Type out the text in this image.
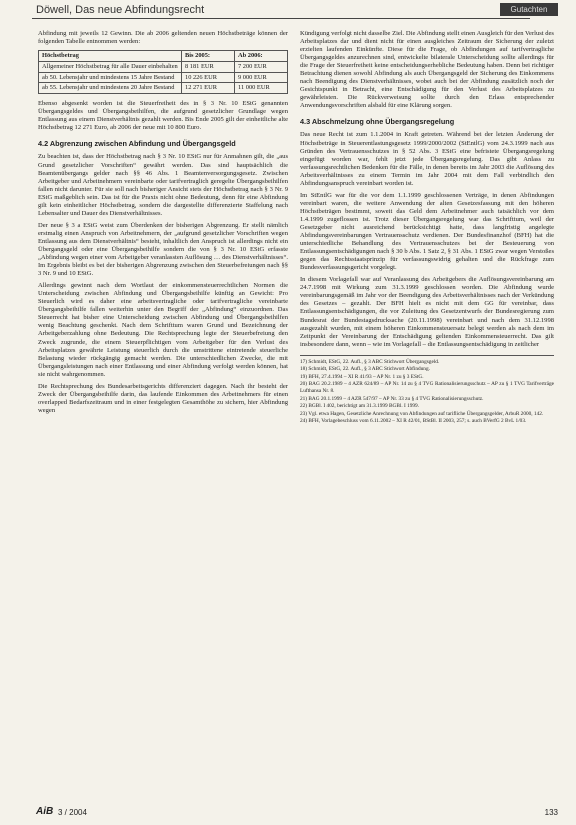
Döwell, Das neue Abfindungsrecht	Gutachten

Abfindung mit jeweils 12 Gewinn. Die ab 2006 geltenden neuen Höchstbeträge können der folgenden Tabelle entnommen werden:

Höchstbetrag	Bis 2005:	Ab 2006:
Allgemeiner Höchstbetrag für alle Dauer einbehalten	8 181 EUR	7 200 EUR
ab 50. Lebensjahr und mindestens 15 Jahre Bestand	10 226 EUR	9 000 EUR
ab 55. Lebensjahr und mindestens 20 Jahre Bestand	12 271 EUR	11 000 EUR

Ebenso abgesenkt worden ist die Steuerfreiheit des in § 3 Nr. 10 EStG genannten Übergangsgeldes und Übergangsbeihilfen, die aufgrund gesetzlicher Grundlage wegen Entlassung aus einem Dienstverhältnis gezahlt werden. Bis Ende 2005 gilt der einheitliche alte Höchstbetrag 12 271 Euro, ab 2006 der neue mit 10 800 Euro.

4.2 Abgrenzung zwischen Abfindung und Übergangsgeld

Zu beachten ist, dass der Höchstbetrag nach § 3 Nr. 10 EStG nur für Anmahnen gilt, die „aus Grund gesetzlicher Vorschriften“ gewährt werden. Das sind hauptsächlich die Beamtenübergangs gelder nach §§ 46 Abs. 1 Beamtenversorgungsgesetz. Zwischen Arbeitgeber und Arbeitnehmern vereinbarte oder tarifvertraglich geregelte Übergangsbeihilfen fallen nicht darunter. Für sie soll nach bisheriger Ansicht stets der Höchstbetrag nach § 3 Nr. 9 EStG maßgeblich sein. Das ist für die Praxis nicht ohne Bedeutung, denn für eine Abfindung gilt kein einheitlicher Höchstbetrag, sondern die dargestellte differenzierte Staffelung nach Lebensalter und Dauer des Dienstverhältnisses.

Der neue § 3 a EStG weist zum Überdenken der bisherigen Abgrenzung. Er stellt nämlich erstmalig einen Anspruch von Arbeitnehmern, der „aufgrund gesetzlicher Vorschriften wegen Entlassung aus dem Dienstverhältnis“ besteht, inhaltlich den Anspruch ist allerdings nicht ein Übergangsgeld oder eine Übergangsbeihilfe sondern die von § 3 Nr. 10 EStG erfasste „Abfindung wegen einer vom Arbeitgeber veranlassten Auflösung … des Dienstverhältnisses“. Im Ergebnis bleibt es bei der bisherigen Abgrenzung zwischen den Steuerbefreiungen nach §§ 3 Nr. 9 und 10 EStG.

Allerdings gewinnt nach dem Wortlaut der einkommensteuerrechtlichen Normen die Unterscheidung zwischen Abfindung und Übergangsbeihilfe künftig an Gewicht: Pro Steuerlich wird es daher eine arbeitsvertragliche oder tarifvertragliche vereinbarte Übergangsbeihilfe fallen weiterhin unter den Begriff der „Abfindung“ einzuordnen. Das Steuerrecht hat bisher eine Unterscheidung zwischen Abfindung und Übergangsbeihilfen wenig Beachtung geschenkt. Nach dem Schrifttum waren Grund und Bezeichnung der Arbeitgeberzahlung ohne Bedeutung. Die Rechtsprechung legte der Steuerbefreiung den Zweck zugrunde, die einem Steuerpflichtigen vom Arbeitgeber für den Verlust des Arbeitsplatzes gewährte Leistung steuerlich durch die umstrittene eintretende steuerliche Belastung wieder rückgängig gemacht werden. Die unterschiedlichen Zwecke, die mit Übergangsleistungen nach einer Entlassung und einer Abfindung verfolgt werden können, hat sie nicht wahrgenommen.

Die Rechtsprechung des Bundesarbeitsgerichts differenziert dagegen. Nach ihr besteht der Zweck der Übergangsbeihilfe darin, das laufende Einkommen des Arbeitnehmers für einen overlapped Bedarfszeitraum und in einer festgelegten Gesamthöhe zu sichern, hier Abfindung wegen

Kündigung verfolgt nicht dasselbe Ziel. Die Abfindung stellt einen Ausgleich für den Verlust des Arbeitsplatzes dar und dient nicht für einen ausgleiches Zeitraum der Sicherung der zuletzt erzielten laufenden Einkünfte. Diese für die Frage, ob Abfindungen auf tarifvertragliche Übergangsgeldes anzurechnen sind, entwickelte bilaterale Unterscheidung sollte allerdings für die Frage der Steuerfreiheit keine entscheidungserhebliche Bedeutung haben. Denn bei richtiger Betrachtung dienen sowohl Abfindung als auch Übergangsgeld der Sicherung des Einkommens nach Beendigung des Dienstverhältnisses, wobei auch bei der Abfindung zusätzlich noch der Gesichtspunkt in Betracht, eine Entschädigung für den Verlust des Arbeitsplatzes zu gewährleisten. Die Rückverweisung sollte durch den Erlass entsprechender Anwendungsvorschriften alsbald für eine Klärung sorgen.

4.3 Abschmelzung ohne Übergangsregelung

Das neue Recht ist zum 1.1.2004 in Kraft getreten. Während bei der letzten Änderung der Höchstbeträge in Steuerentlastungsgesetz 1999/2000/2002 (StEntlG) vom 24.3.1999 nach aus Gründen des Vertrauensschutzes in § 52 Abs. 3 EStG eine befristete Übergangsregelung eingefügt worden war, fehlt jetzt jede Übergangsregelung. Das gibt Anlass zu verfassungsrechtlichen Bedenken für die Fälle, in denen bereits im Jahr 2003 die Auflösung des Arbeitsverhältnisses zu einem Termin im Jahr 2004 mit dem Fall verbindlich den Abfindungsanspruch vereinbart worden ist.

Im StEntlG war für die vor dem 1.1.1999 geschlossenen Verträge, in denen Abfindungen vereinbart waren, die weitere Anwendung der alten Gesetzesfassung mit den höheren Höchstbeträgen bestimmt, soweit das Geld dem Arbeitnehmer auch tatsächlich vor dem 1.4.1999 zugeflossen ist. Trotz dieser Übergangsregelung war das Schrifttum, weil der Gesetzgeber nicht ausreichend berücksichtigt hatte, dass langfristig angelegte Abfindungsvereinbarungen Vertrauensschutz verdienen. Der Bundesfinanzhof (BFH) hat die unterschiedliche Behandlung des Vertrauensschutzes bei der Besteuerung von Entlassungsentschädigungen nach § 30 b Abs. 1 Satz 2, § 31 Abs. 1 EStG zwar wegen Verstoßes gegen das Rechtsstaatsprinzip für verfassungswidrig gehalten und die Rückfrage zum Bundesverfassungsgericht vorgelegt.

In diesem Vorlagefall war auf Veranlassung des Arbeitgebers die Auflösungsvereinbarung am 24.7.1998 mit Wirkung zum 31.3.1999 geschlossen worden. Die Abfindung wurde vereinbarungsgemäß im Jahr vor der Beendigung des Arbeitsverhältnisses nach der Verkündung des Gesetzes – gezahlt. Der BFH hielt es nicht mit dem GG für vereinbar, dass Entlassungsentschädigungen, die vor Zuleitung des Gesetzentwurfs der Bundesregierung zum Bundesrat der Bundestagsdrucksache (20.11.1998) vereinbart und nach dem 31.12.1998 ausgezahlt wurden, mit einem höheren Einkommensteuersatz belegt werden als nach dem im Zeitpunkt der Vereinbarung der Entschädigung geltenden Einkommensteuerrecht. Das gilt insbesondere dann, wenn – wie im Vorlagefall – die Entlassungsentschädigung in zeitlicher

17) Schmidt, EStG, 22. Aufl., § 3 ABC Stichwort Übergangsgeld.
18) Schmidt, EStG, 22. Aufl., § 3 ABC Stichwort Abfindung.
19) BFH, 27.4.1994 – XI R 41/93 – AP Nr. 1 zu § 3 EStG.
20) BAG 20.2.1989 – 4 AZR 624/89 – AP Nr. 14 zu § 4 TVG Rationalisierungsschutz – AP zu § 1 TVG Tarifverträge Lufthansa Nr. 8.
21) BAG 20.1.1999 – 4 AZR 547/97 – AP Nr. 33 zu § 4 TVG Rationalisierungsschutz.
22) BGBl. I 402, berichtigt am 31.3.1999 BGBl. I 1999.
23) Vgl. etwa Hagen, Gesetzliche Anrechnung von Abfindungen auf tarifliche Übergangsgelder, ArbuR 2000, 142.
24) BFH, Vorlagebeschluss vom 6.11.2002 – XI R 42/01, BStBl. II 2003, 257; s. auch BVerfG 2 BvL 1/03.
AiB 3 / 2004	133
